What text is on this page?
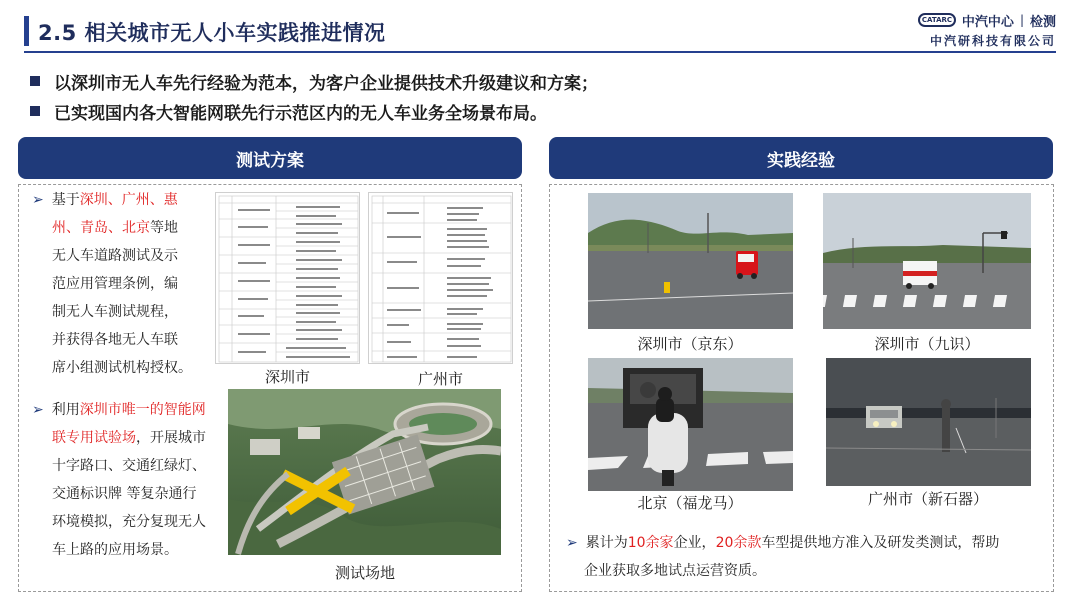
2.5 相关城市无人小车实践推进情况
CATARC 中汽中心 | 检测
中汽研科技有限公司
以深圳市无人车先行经验为范本，为客户企业提供技术升级建议和方案；
已实现国内各大智能网联先行示范区内的无人车业务全场景布局。
测试方案
➢ 基于深圳、广州、惠
州、青岛、北京等地
无人车道路测试及示
范应用管理条例，编
制无人车测试规程，
并获得各地无人车联
席小组测试机构授权。	深圳市	广州市
➢ 利用深圳市唯一的智能网
联专用试验场，开展城市
十字路口、交通红绿灯、
交通标识牌 等复杂通行
环境模拟，充分复现无人
车上路的应用场景。
测试场地
实践经验
深圳市（京东）	深圳市（九识）
北京（福龙马）	广州市（新石器）
➢ 累计为10余家企业，20余款车型提供地方准入及研发类测试，帮助
企业获取多地试点运营资质。
